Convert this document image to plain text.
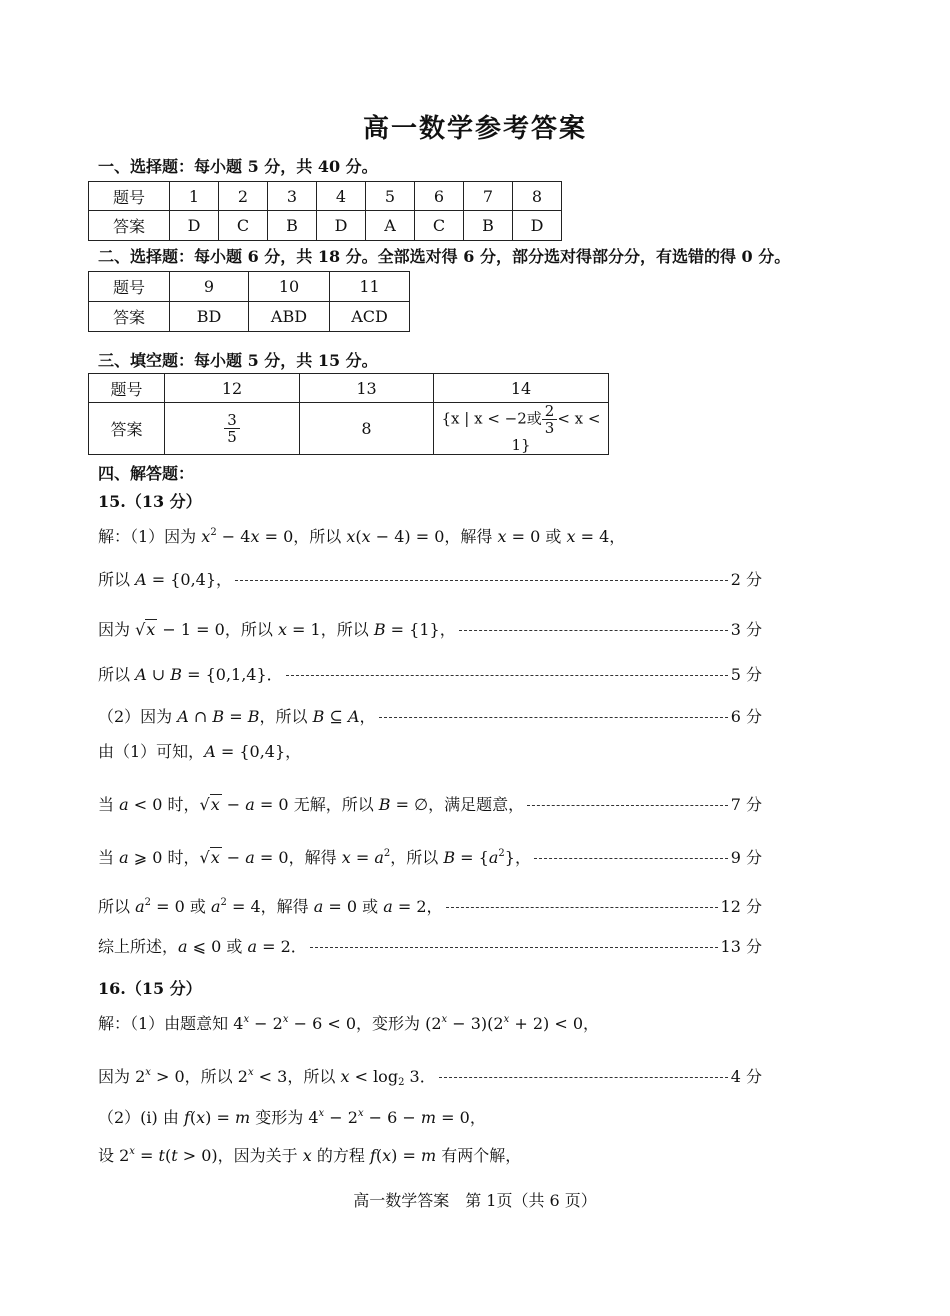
高一数学参考答案
一、选择题：每小题 5 分，共 40 分。
题号	1	2	3	4	5	6	7	8
答案	D	C	B	D	A	C	B	D
二、选择题：每小题 6 分，共 18 分。全部选对得 6 分，部分选对得部分分，有选错的得 0 分。
题号	9	10	11
答案	BD	ABD	ACD
三、填空题：每小题 5 分，共 15 分。
题号	12	13	14
答案	$\frac{3}{5}$	8	{x | x < −2或 $\frac{2}{3} < x < 1$}
四、解答题：
15.（13 分）
解：（1）因为 $x^2 - 4x = 0$，所以 x(x − 4) = 0，解得 x = 0 或 x = 4，
所以 A = {0,4}，	2 分
因为 √x − 1 = 0，所以 x = 1，所以 B = {1}，	3 分
所以 A ∪ B = {0,1,4}．	5 分
（2）因为 A ∩ B = B，所以 B ⊆ A，	6 分
由（1）可知，A = {0,4}，
当 a < 0 时，√x − a = 0 无解，所以 B = ∅，满足题意，	7 分
当 a ⩾ 0 时，√x − a = 0，解得 $x = a^2$，所以 $B = \{a^2\}$，	9 分
所以 $a^2 = 0$ 或 $a^2 = 4$，解得 a = 0 或 a = 2，	12 分
综上所述，a ⩽ 0 或 a = 2．	13 分
16.（15 分）
解：（1）由题意知 $4^x - 2^x - 6 < 0$，变形为 $(2^x - 3)(2^x + 2) < 0$，
因为 $2^x > 0$，所以 $2^x < 3$，所以 $x < \log_2 3$．	4 分
（2）(i) 由 f(x) = m 变形为 $4^x - 2^x - 6 - m = 0$，
设 $2^x = t(t > 0)$，因为关于 x 的方程 f(x) = m 有两个解，
高一数学答案　第 1页（共 6 页）
